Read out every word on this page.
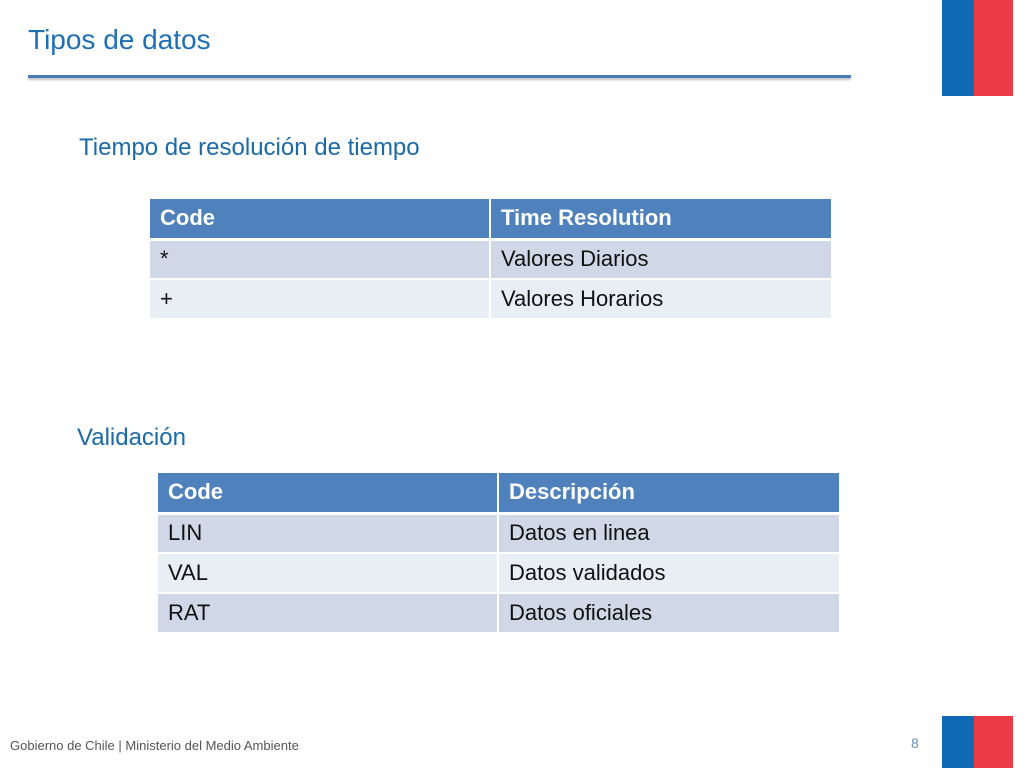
Tipos de datos
Tiempo de resolución de tiempo
Code	Time Resolution
*	Valores Diarios
+	Valores Horarios
Validación
Code	Descripción
LIN	Datos en linea
VAL	Datos validados
RAT	Datos oficiales
Gobierno de Chile | Ministerio del Medio Ambiente	8
